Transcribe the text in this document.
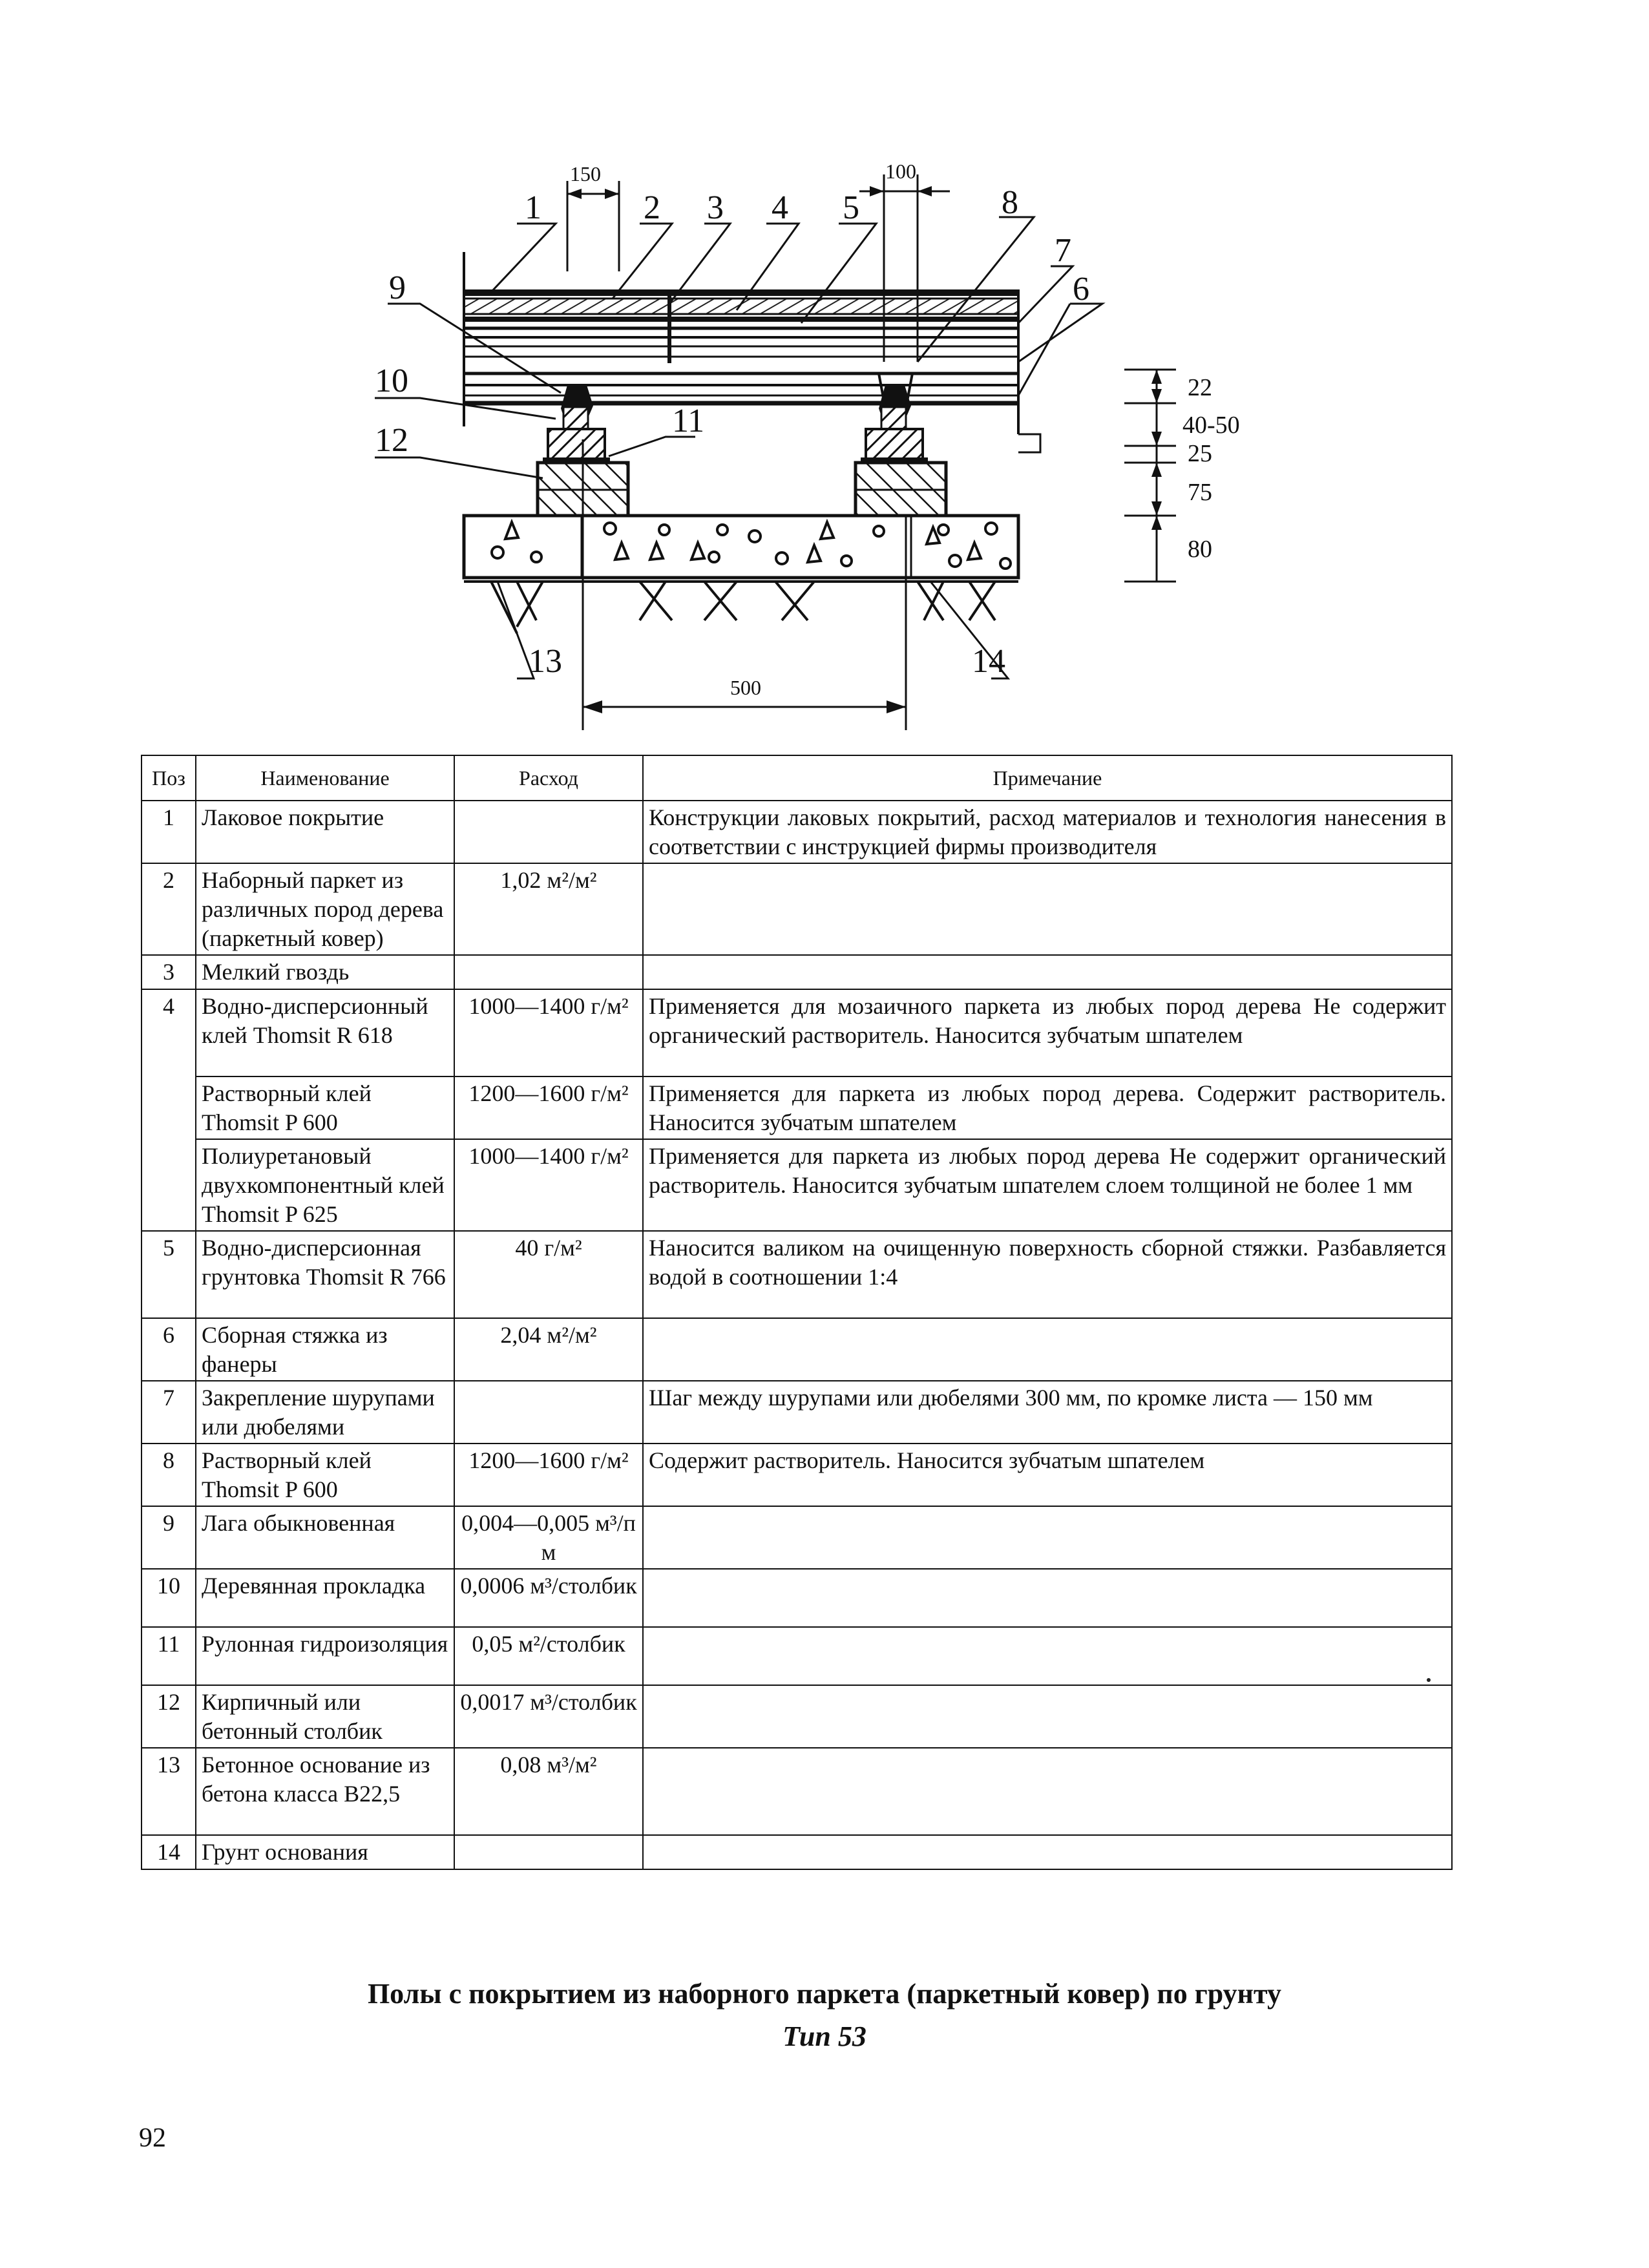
500
150	100
22
40-50
25
75
80
1	2 3 4 5
6
7
8
9
10
11
12
13	14
Поз	Наименование	Расход	Примечание
1	Лаковое покрытие		Конструкции лаковых покрытий, расход материалов и технология нанесения в соответствии с инструкцией фирмы производителя
2	Наборный паркет из различных пород дерева (паркетный ковер)	1,02 м²/м²	
3	Мелкий гвоздь		
4	Водно-дисперсионный клей Thomsit R 618	1000—1400 г/м²	Применяется для мозаичного паркета из любых пород дерева Не содержит органический растворитель. Наносится зубчатым шпателем
	Растворный клей Thomsit P 600	1200—1600 г/м²	Применяется для паркета из любых пород дерева. Содержит растворитель. Наносится зубчатым шпателем
	Полиуретановый двухкомпонентный клей Thomsit P 625	1000—1400 г/м²	Применяется для паркета из любых пород дерева Не содержит органический растворитель. Наносится зубчатым шпателем слоем толщиной не более 1 мм
5	Водно-дисперсионная грунтовка Thomsit R 766	40 г/м²	Наносится валиком на очищенную поверхность сборной стяжки. Разбавляется водой в соотношении 1:4
6	Сборная стяжка из фанеры	2,04 м²/м²	
7	Закрепление шурупами или дюбелями		Шаг между шурупами или дюбелями 300 мм, по кромке листа — 150 мм
8	Растворный клей Thomsit P 600	1200—1600 г/м²	Содержит растворитель. Наносится зубчатым шпателем
9	Лага обыкновенная	0,004—0,005 м³/п м	
10	Деревянная прокладка	0,0006 м³/столбик	
11	Рулонная гидроизоляция	0,05 м²/столбик	
12	Кирпичный или бетонный столбик	0,0017 м³/столбик	
13	Бетонное основание из бетона класса B22,5	0,08 м³/м²	
14	Грунт основания		
Полы с покрытием из наборного паркета (паркетный ковер) по грунту
Тип 53
92
